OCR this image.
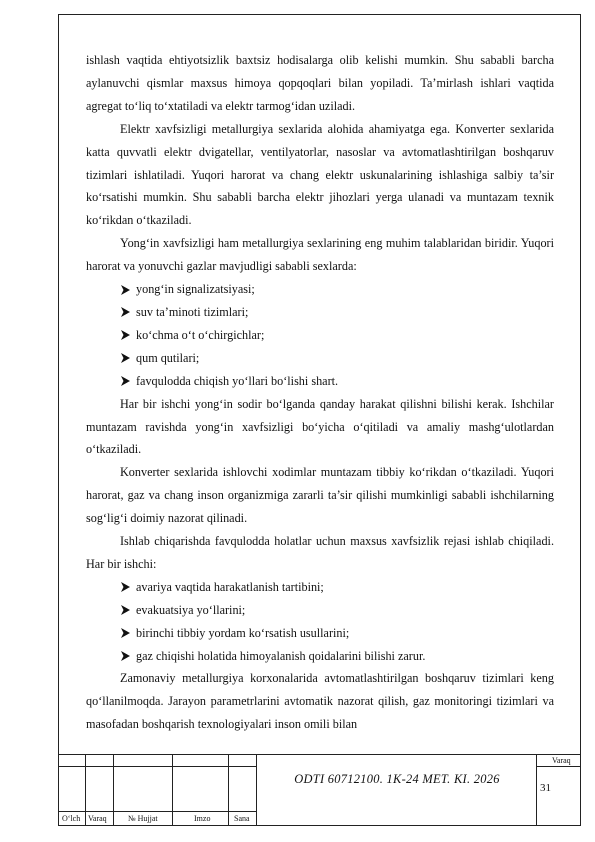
ishlash vaqtida ehtiyotsizlik baxtsiz hodisalarga olib kelishi mumkin. Shu sababli barcha aylanuvchi qismlar maxsus himoya qopqoqlari bilan yopiladi. Ta’mirlash ishlari vaqtida agregat to‘liq to‘xtatiladi va elektr tarmog‘idan uziladi.

Elektr xavfsizligi metallurgiya sexlarida alohida ahamiyatga ega. Konverter sexlarida katta quvvatli elektr dvigatellar, ventilyatorlar, nasoslar va avtomatlashtirilgan boshqaruv tizimlari ishlatiladi. Yuqori harorat va chang elektr uskunalarining ishlashiga salbiy ta’sir ko‘rsatishi mumkin. Shu sababli barcha elektr jihozlari yerga ulanadi va muntazam texnik ko‘rikdan o‘tkaziladi.

Yong‘in xavfsizligi ham metallurgiya sexlarining eng muhim talablaridan biridir. Yuqori harorat va yonuvchi gazlar mavjudligi sababli sexlarda:

yong‘in signalizatsiyasi;
suv ta’minoti tizimlari;
ko‘chma o‘t o‘chirgichlar;
qum qutilari;
favqulodda chiqish yo‘llari bo‘lishi shart.

Har bir ishchi yong‘in sodir bo‘lganda qanday harakat qilishni bilishi kerak. Ishchilar muntazam ravishda yong‘in xavfsizligi bo‘yicha o‘qitiladi va amaliy mashg‘ulotlardan o‘tkaziladi.

Konverter sexlarida ishlovchi xodimlar muntazam tibbiy ko‘rikdan o‘tkaziladi. Yuqori harorat, gaz va chang inson organizmiga zararli ta’sir qilishi mumkinligi sababli ishchilarning sog‘lig‘i doimiy nazorat qilinadi.

Ishlab chiqarishda favqulodda holatlar uchun maxsus xavfsizlik rejasi ishlab chiqiladi. Har bir ishchi:

avariya vaqtida harakatlanish tartibini;
evakuatsiya yo‘llarini;
birinchi tibbiy yordam ko‘rsatish usullarini;
gaz chiqishi holatida himoyalanish qoidalarini bilishi zarur.

Zamonaviy metallurgiya korxonalarida avtomatlashtirilgan boshqaruv tizimlari keng qo‘llanilmoqda. Jarayon parametrlarini avtomatik nazorat qilish, gaz monitoringi tizimlari va masofadan boshqarish texnologiyalari inson omili bilan

O‘lch Varaq	№ Hujjat	Imzo	Sana
ODTI 60712100. 1K-24 MET. KI. 2026
Varaq
31
